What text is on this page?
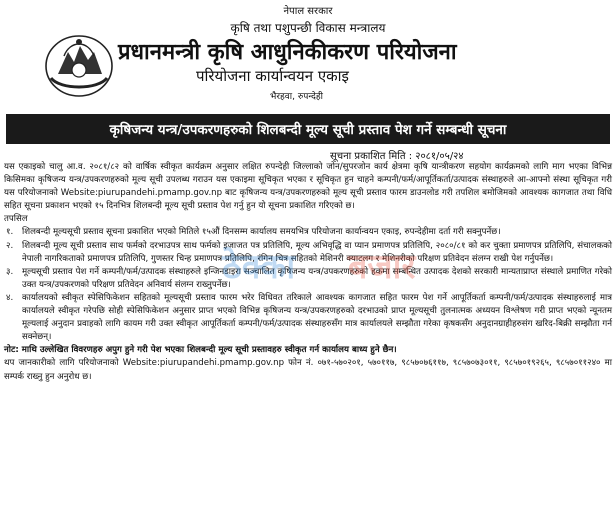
नेपाल सरकार
कृषि तथा पशुपन्छी विकास मन्त्रालय
प्रधानमन्त्री कृषि आधुनिकीकरण परियोजना
परियोजना कार्यान्वयन एकाइ
भैरहवा, रुपन्देही
कृषिजन्य यन्त्र/उपकरणहरुको शिलबन्दी मूल्य सूची प्रस्ताव पेश गर्ने सम्बन्धी सूचना
सूचना प्रकाशित मिति : २०८१/०५/२४

यस एकाइको चालु आ.व. २०८१/८२ को वार्षिक स्वीकृत कार्यक्रम अनुसार लक्षित रुपन्देही जिल्लाको जोन/सुपरजोन कार्य क्षेत्रमा कृषि यान्त्रीकरण सहयोग कार्यक्रमको लागि माग भएका विभिन्न किसिमका कृषिजन्य यन्त्र/उपकरणहरुको मूल्य सूची उपलब्ध गराउन यस एकाइमा सूचिकृत भएका र सूचिकृत हुन चाहने कम्पनी/फर्म/आपूर्तिकर्ता/उत्पादक संस्थाहरुले आ-आफ्नो संस्था सूचिकृत गरी यस परियोजनाको Website:piurupandehi.pmamp.gov.np बाट कृषिजन्य यन्त्र/उपकरणहरुको मूल्य सूची प्रस्ताव फारम डाउनलोड गरी तपशिल बमोजिमको आवश्यक कागजात तथा विधि सहित सूचना प्रकाशन भएको १५ दिनभित्र शिलबन्दी मूल्य सूची प्रस्ताव पेश गर्नु हुन यो सूचना प्रकाशित गरिएको छ।

तपसिल

१. शिलबन्दी मूल्यसूची प्रस्ताव सूचना प्रकाशित भएको मितिले १५औं दिनसम्म कार्यालय समयभित्र परियोजना कार्यान्वयन एकाइ, रुपन्देहीमा दर्ता गरी सक्नुपर्नेछ।
२. शिलबन्दी मूल्य सूची प्रस्ताव साथ फर्मको दरभाउपत्र साथ फर्मको इजाजत पत्र प्रतिलिपि, मूल्य अभिवृद्धि वा प्यान प्रमाणपत्र प्रतिलिपि, २०८०/८१ को कर चुक्ता प्रमाणपत्र प्रतिलिपि, संचालकको नेपाली नागरिकताको प्रमाणपत्र प्रतिलिपि, गुणस्तर चिन्ह प्रमाणपत्र प्रतिलिपि, रंगिन चित्र सहितको मेशिनरी क्याटलग र मेशिनरीको परिक्षण प्रतिवेदन संलग्न राखी पेश गर्नुपर्नेछ।
३. मूल्यसूची प्रस्ताव पेश गर्ने कम्पनी/फर्म/उत्पादक संस्थाहरुले इन्जिनडाइरा सञ्चालित कृषिजन्य यन्त्र/उपकरणहरुको हकमा सम्बन्धित उत्पादक देशको सरकारी मान्यताप्राप्त संस्थाले प्रमाणित गरेको उक्त यन्त्र/उपकरणको परिक्षण प्रतिवेदन अनिवार्य संलग्न राख्नुपर्नेछ।
४. कार्यालयको स्वीकृत स्पेसिफिकेशन सहितको मूल्यसूची प्रस्ताव फारम भरेर विधिवत तरिकाले आवश्यक कागजात सहित फारम पेश गर्ने आपूर्तिकर्ता कम्पनी/फर्म/उत्पादक संस्थाहरुलाई मात्र कार्यालयले स्वीकृत गरेपछि सोही स्पेसिफिकेशन अनुसार प्राप्त भएको विभिन्न कृषिजन्य यन्त्र/उपकरणहरुको दरभाउको प्राप्त मूल्यसूची तुलनात्मक अध्ययन विश्लेषण गरी प्राप्त भएको न्यूनतम मूल्यलाई अनुदान प्रवाहको लागि कायम गरी उक्त स्वीकृत आपूर्तिकर्ता कम्पनी/फर्म/उत्पादक संस्थाहरुसँग मात्र कार्यालयले सम्झौता गरेका कृषकसँग अनुदानग्राहीहरुसंग खरिद-बिक्री सम्झौता गर्न सक्नेछन्।

नोट: माथि उल्लेखित विवरणहरु अपुग हुने गरी पेश भएका शिलबन्दी मूल्य सूची प्रस्तावहरु स्वीकृत गर्न कार्यालय बाध्य हुने छैन।

थप जानकारीको लागि परियोजनाको Website:piurupandehi.pmamp.gov.np फोन नं. ०७१-५७०२०१, ५७०११७, ९८५७०७६११७, ९८५७०७३०११, ९८५७०१९२६५, ९८५७०११२४० मा सम्पर्क राख्नु हुन अनुरोध छ।

ठेक्का बजार
